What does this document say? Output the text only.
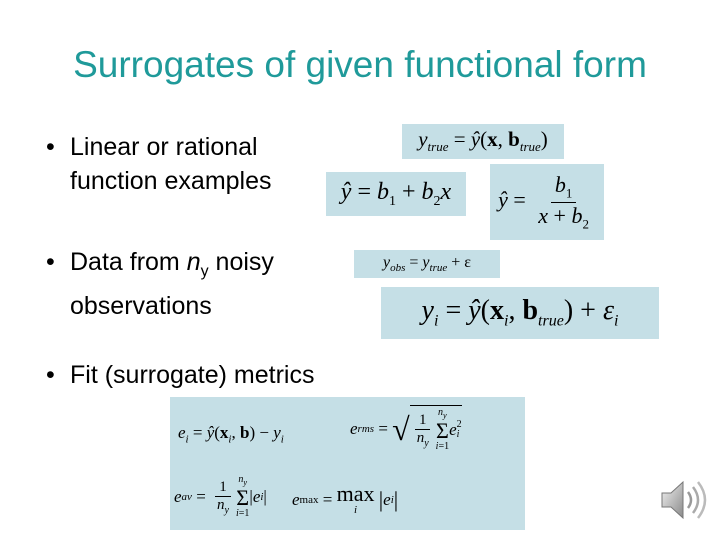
Surrogates of given functional form
• Linear or rational
function examples
• Data from $n_y$ noisy
observations
• Fit (surrogate) metrics
$y_{true}$ = ŷ(x, $b_{true}$)
ŷ = $b_1 + b_2x$ ŷ = $\frac{b_1}{x + b_2}$
$y_{obs} = y_{true} + \varepsilon$
$y_i$ = $ŷ(x_i$, $b_{true}) + \varepsilon_i$
$e_i$ = $ŷ(x_i$, $b) - y_i$
e rms = √ $\frac{1}{n_y} n_y$
Σ
i=1
e 2
i
e av = $\frac{1}{n_y} n_y$
Σ
i=1
| e i | e max = max
i
| e i |
